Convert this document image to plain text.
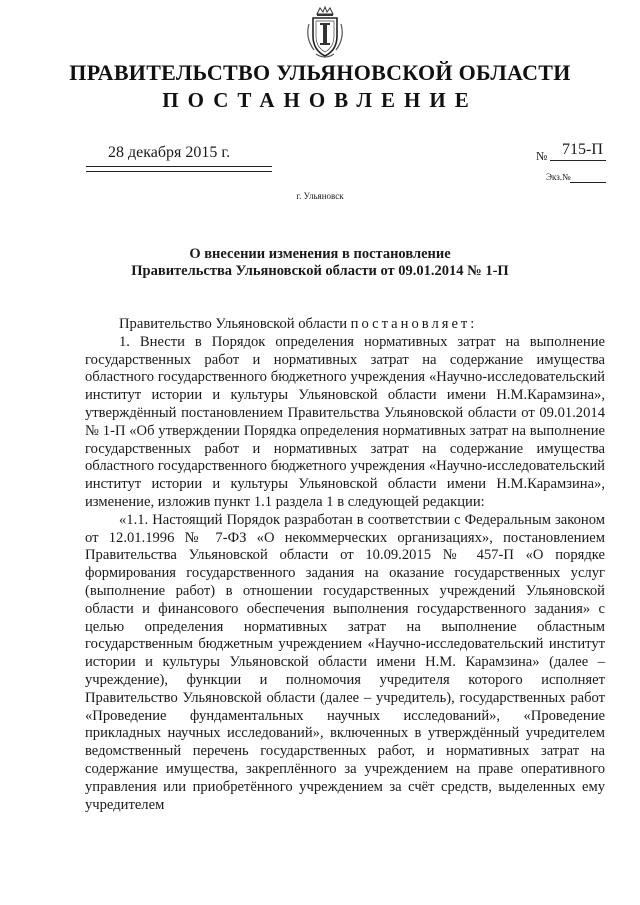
ПРАВИТЕЛЬСТВО УЛЬЯНОВСКОЙ ОБЛАСТИ
ПОСТАНОВЛЕНИЕ
28 декабря 2015 г.	№ 715-П
Экз.№
г. Ульяновск
О внесении изменения в постановление
Правительства Ульяновской области от 09.01.2014 № 1-П

Правительство Ульяновской области постановляет:

1. Внести в Порядок определения нормативных затрат на выполнение государственных работ и нормативных затрат на содержание имущества областного государственного бюджетного учреждения «Научно-исследовательский институт истории и культуры Ульяновской области имени Н.М.Карамзина», утверждённый постановлением Правительства Ульяновской области от 09.01.2014 № 1-П «Об утверждении Порядка определения нормативных затрат на выполнение государственных работ и нормативных затрат на содержание имущества областного государственного бюджетного учреждения «Научно-исследовательский институт истории и культуры Ульяновской области имени Н.М.Карамзина», изменение, изложив пункт 1.1 раздела 1 в следующей редакции:

«1.1. Настоящий Порядок разработан в соответствии с Федеральным законом от 12.01.1996 № 7-ФЗ «О некоммерческих организациях», постановлением Правительства Ульяновской области от 10.09.2015 № 457-П «О порядке формирования государственного задания на оказание государственных услуг (выполнение работ) в отношении государственных учреждений Ульяновской области и финансового обеспечения выполнения государственного задания» с целью определения нормативных затрат на выполнение областным государственным бюджетным учреждением «Научно-исследовательский институт истории и культуры Ульяновской области имени Н.М. Карамзина» (далее – учреждение), функции и полномочия учредителя которого исполняет Правительство Ульяновской области (далее – учредитель), государственных работ «Проведение фундаментальных научных исследований», «Проведение прикладных научных исследований», включенных в утверждённый учредителем ведомственный перечень государственных работ, и нормативных затрат на содержание имущества, закреплённого за учреждением на праве оперативного управления или приобретённого учреждением за счёт средств, выделенных ему учредителем
